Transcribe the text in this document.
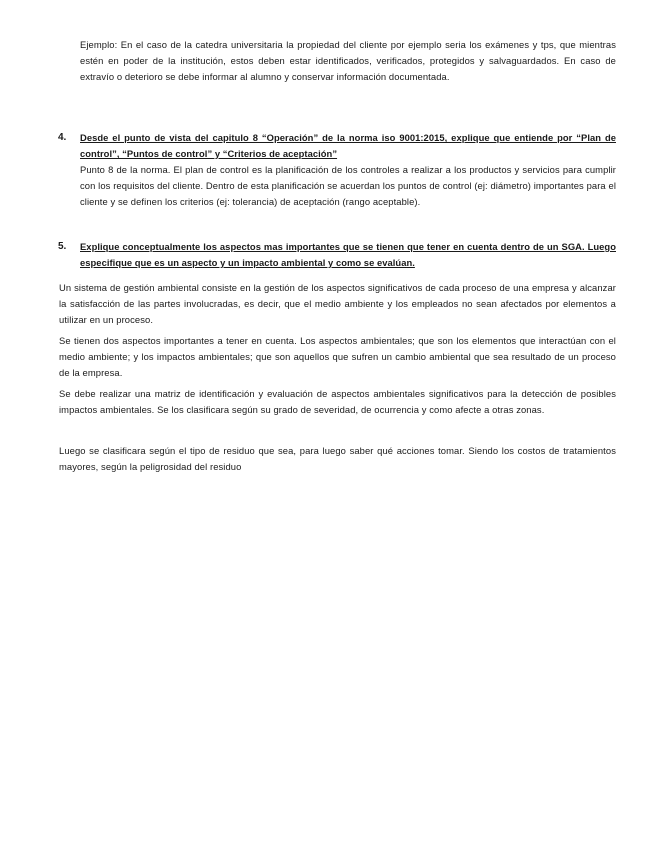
Ejemplo: En el caso de la catedra universitaria la propiedad del cliente por ejemplo seria los exámenes y tps, que mientras estén en poder de la institución, estos deben estar identificados, verificados, protegidos y salvaguardados. En caso de extravío o deterioro se debe informar al alumno y conservar información documentada.

4. Desde el punto de vista del capitulo 8 “Operación” de la norma iso 9001:2015, explique que entiende por “Plan de control”, “Puntos de control” y “Criterios de aceptación”
Punto 8 de la norma. El plan de control es la planificación de los controles a realizar a los productos y servicios para cumplir con los requisitos del cliente. Dentro de esta planificación se acuerdan los puntos de control (ej: diámetro) importantes para el cliente y se definen los criterios (ej: tolerancia) de aceptación (rango aceptable).
5. Explique conceptualmente los aspectos mas importantes que se tienen que tener en cuenta dentro de un SGA. Luego especifique que es un aspecto y un impacto ambiental y como se evalúan.

Un sistema de gestión ambiental consiste en la gestión de los aspectos significativos de cada proceso de una empresa y alcanzar la satisfacción de las partes involucradas, es decir, que el medio ambiente y los empleados no sean afectados por elementos a utilizar en un proceso.

Se tienen dos aspectos importantes a tener en cuenta. Los aspectos ambientales; que son los elementos que interactúan con el medio ambiente; y los impactos ambientales; que son aquellos que sufren un cambio ambiental que sea resultado de un proceso de la empresa.

Se debe realizar una matriz de identificación y evaluación de aspectos ambientales significativos para la detección de posibles impactos ambientales. Se los clasificara según su grado de severidad, de ocurrencia y como afecte a otras zonas.

Luego se clasificara según el tipo de residuo que sea, para luego saber qué acciones tomar. Siendo los costos de tratamientos mayores, según la peligrosidad del residuo
